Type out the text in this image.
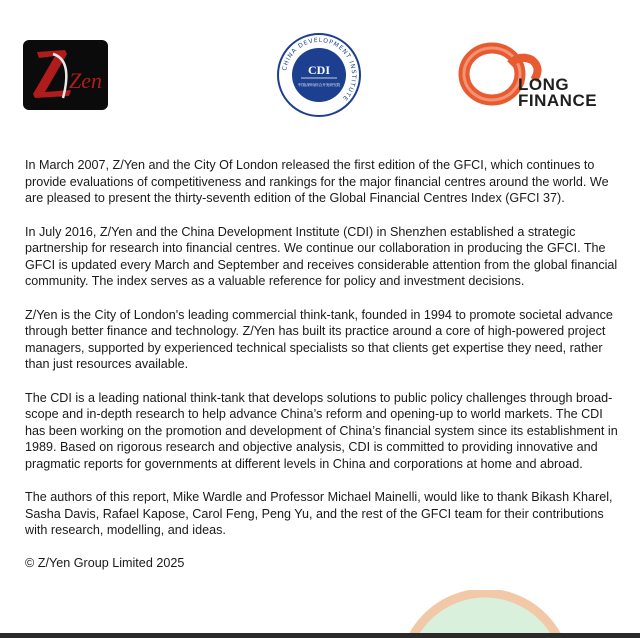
Zen	CHINA DEVELOPMENT INSTITUTE
CDI
中国(深圳)综合开发研究院	LONG
FINANCE

In March 2007, Z/Yen and the City Of London released the first edition of the GFCI, which continues to provide evaluations of competitiveness and rankings for the major financial centres around the world. We are pleased to present the thirty-seventh edition of the Global Financial Centres Index (GFCI 37).

In July 2016, Z/Yen and the China Development Institute (CDI) in Shenzhen established a strategic partnership for research into financial centres. We continue our collaboration in producing the GFCI. The GFCI is updated every March and September and receives considerable attention from the global financial community. The index serves as a valuable reference for policy and investment decisions.

Z/Yen is the City of London's leading commercial think-tank, founded in 1994 to promote societal advance through better finance and technology. Z/Yen has built its practice around a core of high-powered project managers, supported by experienced technical specialists so that clients get expertise they need, rather than just resources available.

The CDI is a leading national think-tank that develops solutions to public policy challenges through broad-scope and in-depth research to help advance China’s reform and opening-up to world markets. The CDI has been working on the promotion and development of China’s financial system since its establishment in 1989. Based on rigorous research and objective analysis, CDI is committed to providing innovative and pragmatic reports for governments at different levels in China and corporations at home and abroad.

The authors of this report, Mike Wardle and Professor Michael Mainelli, would like to thank Bikash Kharel, Sasha Davis, Rafael Kapose, Carol Feng, Peng Yu, and the rest of the GFCI team for their contributions with research, modelling, and ideas.

© Z/Yen Group Limited 2025
